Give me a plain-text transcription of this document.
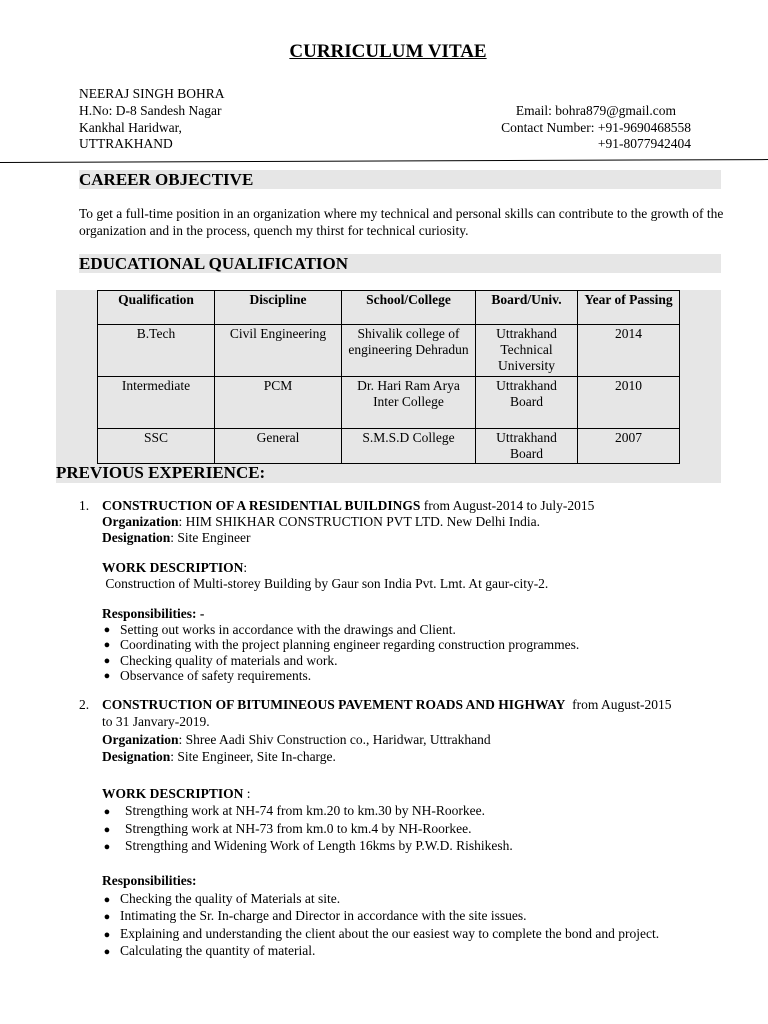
CURRICULUM VITAE
NEERAJ SINGH BOHRA
H.No: D-8 Sandesh Nagar
Kankhal Haridwar,
UTTRAKHAND
Email: bohra879@gmail.com
Contact Number: +91-9690468558
+91-8077942404
CAREER OBJECTIVE
To get a full-time position in an organization where my technical and personal skills can contribute to the growth of the organization and in the process, quench my thirst for technical curiosity.
EDUCATIONAL QUALIFICATION
Qualification	Discipline	School/College	Board/Univ.	Year of Passing
B.Tech	Civil Engineering	Shivalik college of engineering Dehradun	Uttrakhand Technical University	2014
Intermediate	PCM	Dr. Hari Ram Arya Inter College	Uttrakhand Board	2010
SSC	General	S.M.S.D College	Uttrakhand Board	2007
PREVIOUS EXPERIENCE:
1. CONSTRUCTION OF A RESIDENTIAL BUILDINGS from August-2014 to July-2015
Organization: HIM SHIKHAR CONSTRUCTION PVT LTD. New Delhi India.
Designation: Site Engineer
WORK DESCRIPTION:
Construction of Multi-storey Building by Gaur son India Pvt. Lmt. At gaur-city-2.
Responsibilities: -
● Setting out works in accordance with the drawings and Client.
● Coordinating with the project planning engineer regarding construction programmes.
● Checking quality of materials and work.
● Observance of safety requirements.
2. CONSTRUCTION OF BITUMINEOUS PAVEMENT ROADS AND HIGHWAY  from August-2015
to 31 Janvary-2019.
Organization: Shree Aadi Shiv Construction co., Haridwar, Uttrakhand
Designation: Site Engineer, Site In-charge.
WORK DESCRIPTION :
● Strengthing work at NH-74 from km.20 to km.30 by NH-Roorkee.
● Strengthing work at NH-73 from km.0 to km.4 by NH-Roorkee.
● Strengthing and Widening Work of Length 16kms by P.W.D. Rishikesh.
Responsibilities:
● Checking the quality of Materials at site.
● Intimating the Sr. In-charge and Director in accordance with the site issues.
● Explaining and understanding the client about the our easiest way to complete the bond and project.
● Calculating the quantity of material.
